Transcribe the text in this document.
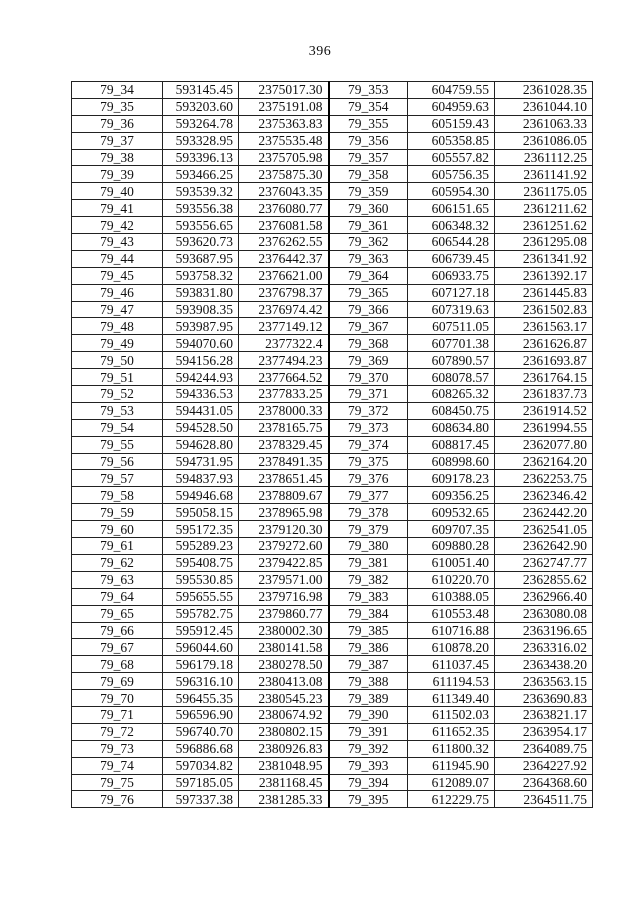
396
79_34	593145.45	2375017.30	79_353	604759.55	2361028.35
79_35	593203.60	2375191.08	79_354	604959.63	2361044.10
79_36	593264.78	2375363.83	79_355	605159.43	2361063.33
79_37	593328.95	2375535.48	79_356	605358.85	2361086.05
79_38	593396.13	2375705.98	79_357	605557.82	2361112.25
79_39	593466.25	2375875.30	79_358	605756.35	2361141.92
79_40	593539.32	2376043.35	79_359	605954.30	2361175.05
79_41	593556.38	2376080.77	79_360	606151.65	2361211.62
79_42	593556.65	2376081.58	79_361	606348.32	2361251.62
79_43	593620.73	2376262.55	79_362	606544.28	2361295.08
79_44	593687.95	2376442.37	79_363	606739.45	2361341.92
79_45	593758.32	2376621.00	79_364	606933.75	2361392.17
79_46	593831.80	2376798.37	79_365	607127.18	2361445.83
79_47	593908.35	2376974.42	79_366	607319.63	2361502.83
79_48	593987.95	2377149.12	79_367	607511.05	2361563.17
79_49	594070.60	2377322.4	79_368	607701.38	2361626.87
79_50	594156.28	2377494.23	79_369	607890.57	2361693.87
79_51	594244.93	2377664.52	79_370	608078.57	2361764.15
79_52	594336.53	2377833.25	79_371	608265.32	2361837.73
79_53	594431.05	2378000.33	79_372	608450.75	2361914.52
79_54	594528.50	2378165.75	79_373	608634.80	2361994.55
79_55	594628.80	2378329.45	79_374	608817.45	2362077.80
79_56	594731.95	2378491.35	79_375	608998.60	2362164.20
79_57	594837.93	2378651.45	79_376	609178.23	2362253.75
79_58	594946.68	2378809.67	79_377	609356.25	2362346.42
79_59	595058.15	2378965.98	79_378	609532.65	2362442.20
79_60	595172.35	2379120.30	79_379	609707.35	2362541.05
79_61	595289.23	2379272.60	79_380	609880.28	2362642.90
79_62	595408.75	2379422.85	79_381	610051.40	2362747.77
79_63	595530.85	2379571.00	79_382	610220.70	2362855.62
79_64	595655.55	2379716.98	79_383	610388.05	2362966.40
79_65	595782.75	2379860.77	79_384	610553.48	2363080.08
79_66	595912.45	2380002.30	79_385	610716.88	2363196.65
79_67	596044.60	2380141.58	79_386	610878.20	2363316.02
79_68	596179.18	2380278.50	79_387	611037.45	2363438.20
79_69	596316.10	2380413.08	79_388	611194.53	2363563.15
79_70	596455.35	2380545.23	79_389	611349.40	2363690.83
79_71	596596.90	2380674.92	79_390	611502.03	2363821.17
79_72	596740.70	2380802.15	79_391	611652.35	2363954.17
79_73	596886.68	2380926.83	79_392	611800.32	2364089.75
79_74	597034.82	2381048.95	79_393	611945.90	2364227.92
79_75	597185.05	2381168.45	79_394	612089.07	2364368.60
79_76	597337.38	2381285.33	79_395	612229.75	2364511.75
